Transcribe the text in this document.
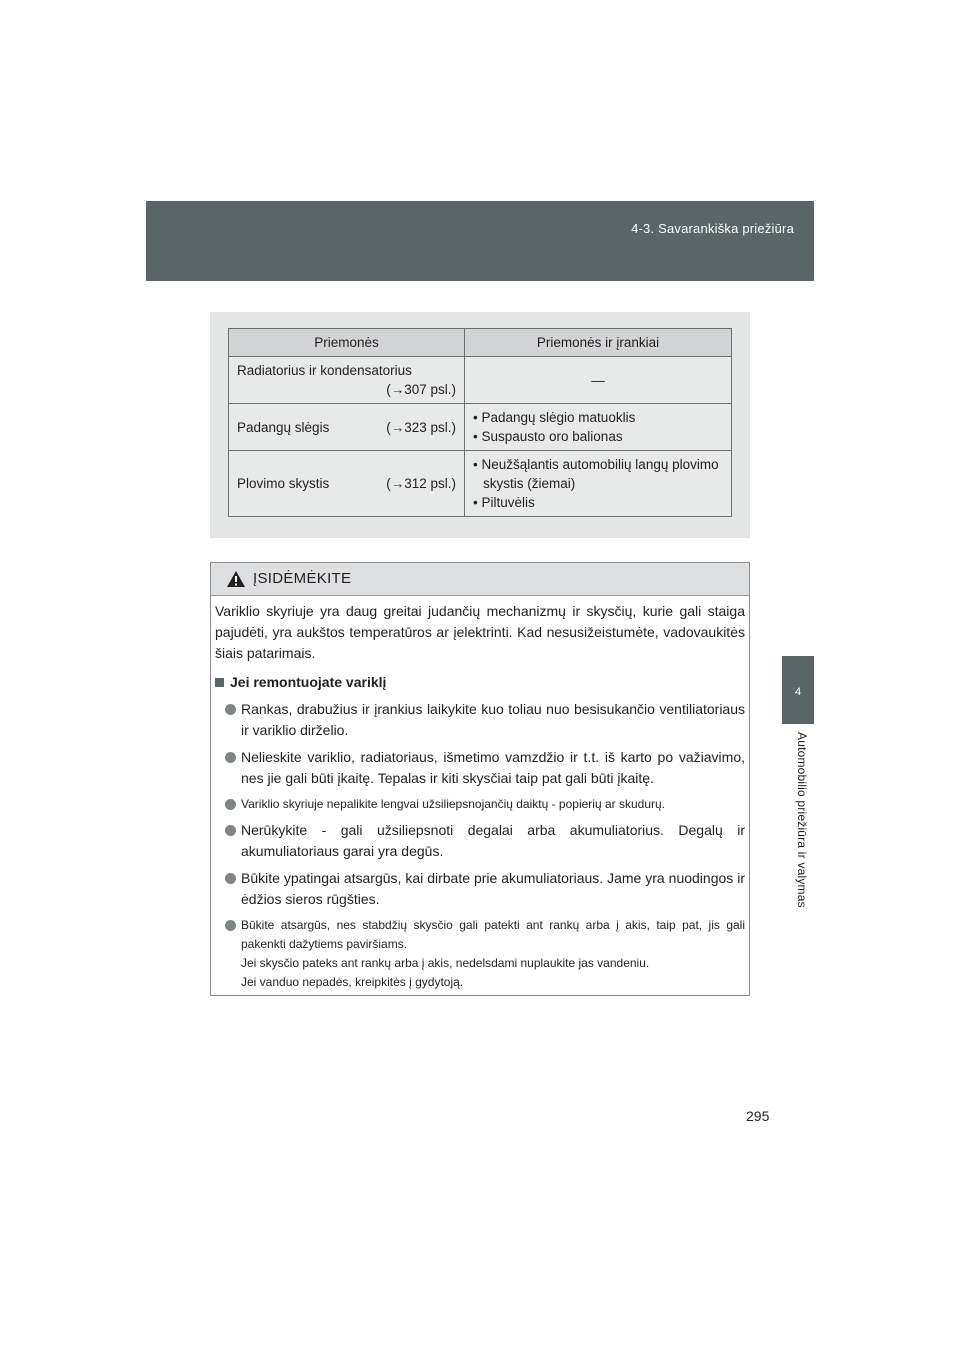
4-3. Savarankiška priežiūra
4
Automobilio priežiūra ir valymas
295
Priemonės	Priemonės ir įrankiai

Radiatorius ir kondensatorius
(→307 psl.)	—

Padangų slėgis (→323 psl.)	• Padangų slėgio matuoklis
• Suspausto oro balionas

Plovimo skystis (→312 psl.)	• Neužšąlantis automobilių langų plovimo skystis (žiemai)
• Piltuvėlis
ĮSIDĖMĖKITE

Variklio skyriuje yra daug greitai judančių mechanizmų ir skysčių, kurie gali staiga pajudėti, yra aukštos temperatūros ar įelektrinti. Kad nesusižeistumėte, vadovaukitės šiais patarimais.

Jei remontuojate variklį
Rankas, drabužius ir įrankius laikykite kuo toliau nuo besisukančio ventiliatoriaus ir variklio dirželio.
Nelieskite variklio, radiatoriaus, išmetimo vamzdžio ir t.t. iš karto po važiavimo, nes jie gali būti įkaitę. Tepalas ir kiti skysčiai taip pat gali būti įkaitę.
Variklio skyriuje nepalikite lengvai užsiliepsnojančių daiktų - popierių ar skudurų.
Nerūkykite - gali užsiliepsnoti degalai arba akumuliatorius. Degalų ir akumuliatoriaus garai yra degūs.
Būkite ypatingai atsargūs, kai dirbate prie akumuliatoriaus. Jame yra nuodingos ir ėdžios sieros rūgšties.
Būkite atsargūs, nes stabdžių skysčio gali patekti ant rankų arba į akis, taip pat, jis gali pakenkti dažytiems paviršiams.
Jei skysčio pateks ant rankų arba į akis, nedelsdami nuplaukite jas vandeniu.
Jei vanduo nepadės, kreipkitės į gydytoją.
